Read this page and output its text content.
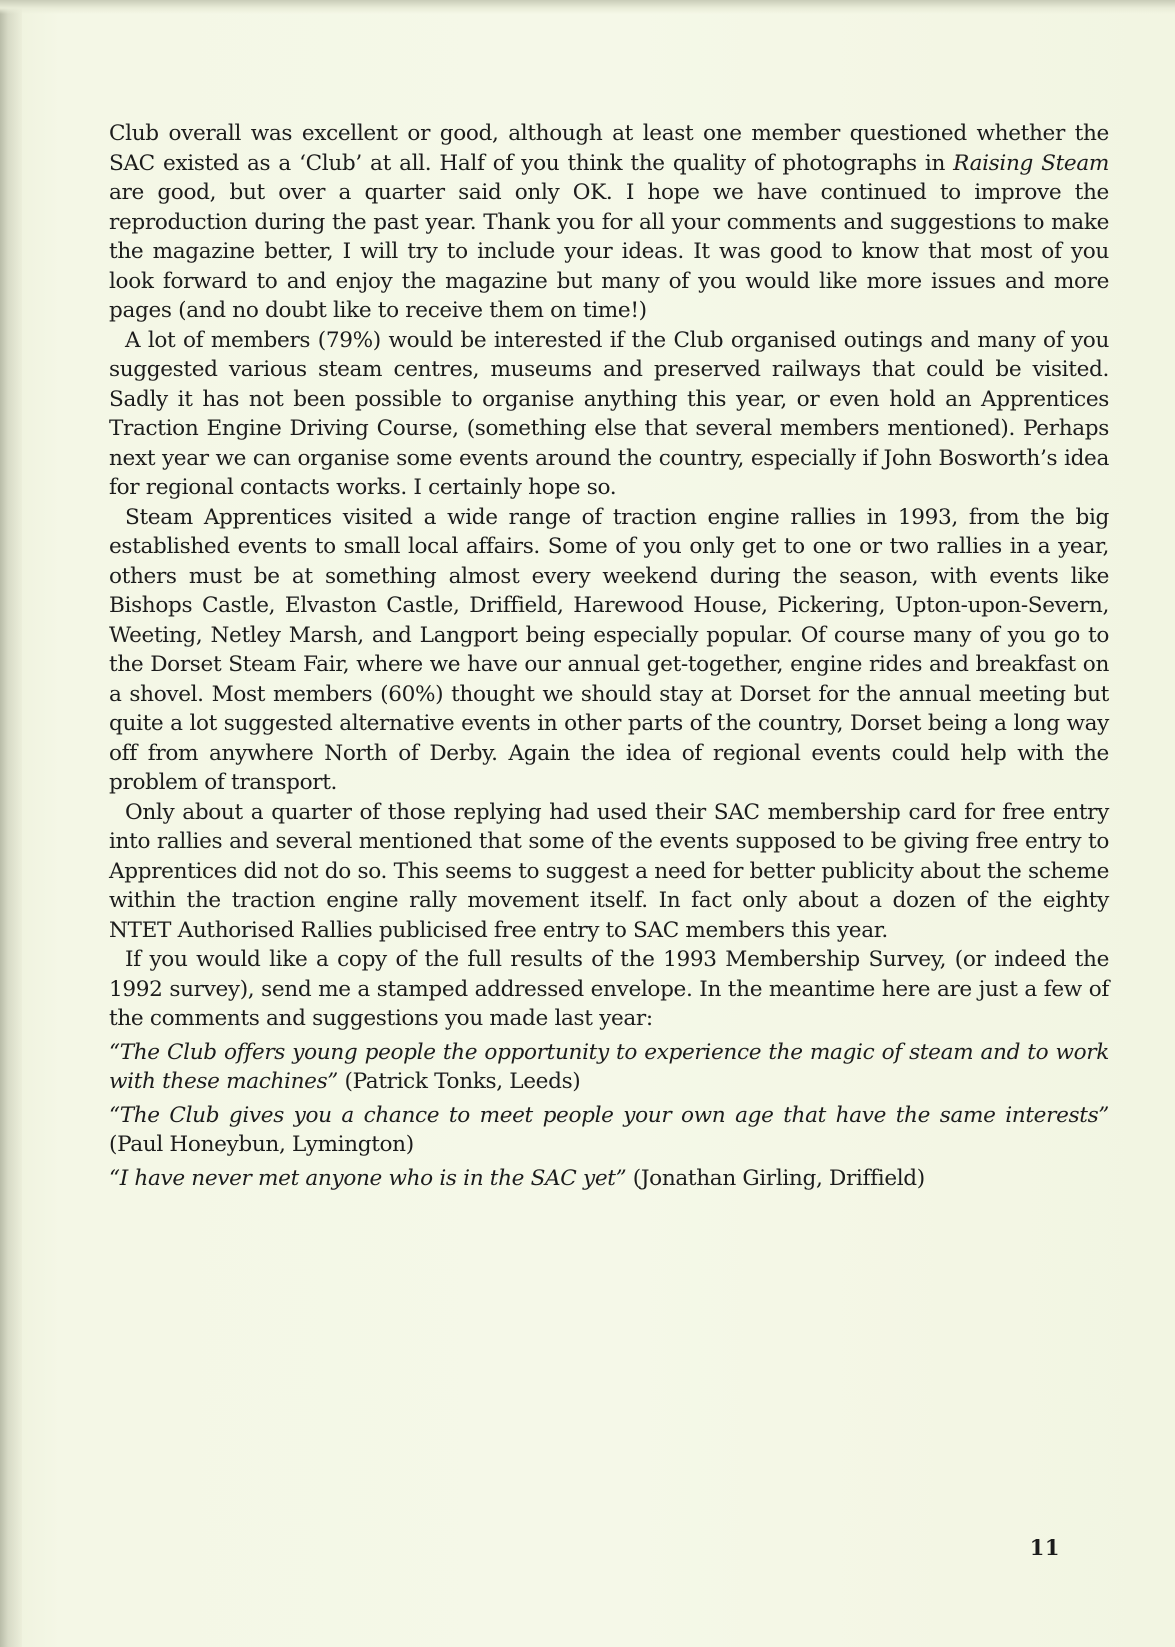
Club overall was excellent or good, although at least one member questioned whether the SAC existed as a ‘Club’ at all. Half of you think the quality of photographs in Raising Steam are good, but over a quarter said only OK. I hope we have continued to improve the reproduction during the past year. Thank you for all your comments and suggestions to make the magazine better, I will try to include your ideas. It was good to know that most of you look forward to and enjoy the magazine but many of you would like more issues and more pages (and no doubt like to receive them on time!)

A lot of members (79%) would be interested if the Club organised outings and many of you suggested various steam centres, museums and preserved railways that could be visited. Sadly it has not been possible to organise anything this year, or even hold an Apprentices Traction Engine Driving Course, (something else that several members mentioned). Perhaps next year we can organise some events around the country, especially if John Bosworth’s idea for regional contacts works. I certainly hope so.

Steam Apprentices visited a wide range of traction engine rallies in 1993, from the big established events to small local affairs. Some of you only get to one or two rallies in a year, others must be at something almost every weekend during the season, with events like Bishops Castle, Elvaston Castle, Driffield, Harewood House, Pickering, Upton-upon-Severn, Weeting, Netley Marsh, and Langport being especially popular. Of course many of you go to the Dorset Steam Fair, where we have our annual get-together, engine rides and breakfast on a shovel. Most members (60%) thought we should stay at Dorset for the annual meeting but quite a lot suggested alternative events in other parts of the country, Dorset being a long way off from anywhere North of Derby. Again the idea of regional events could help with the problem of transport.

Only about a quarter of those replying had used their SAC membership card for free entry into rallies and several mentioned that some of the events supposed to be giving free entry to Apprentices did not do so. This seems to suggest a need for better publicity about the scheme within the traction engine rally movement itself. In fact only about a dozen of the eighty NTET Authorised Rallies publicised free entry to SAC members this year.

If you would like a copy of the full results of the 1993 Membership Survey, (or indeed the 1992 survey), send me a stamped addressed envelope. In the meantime here are just a few of the comments and suggestions you made last year:

“The Club offers young people the opportunity to experience the magic of steam and to work with these machines” (Patrick Tonks, Leeds)

“The Club gives you a chance to meet people your own age that have the same interests” (Paul Honeybun, Lymington)

“I have never met anyone who is in the SAC yet” (Jonathan Girling, Driffield)

11
